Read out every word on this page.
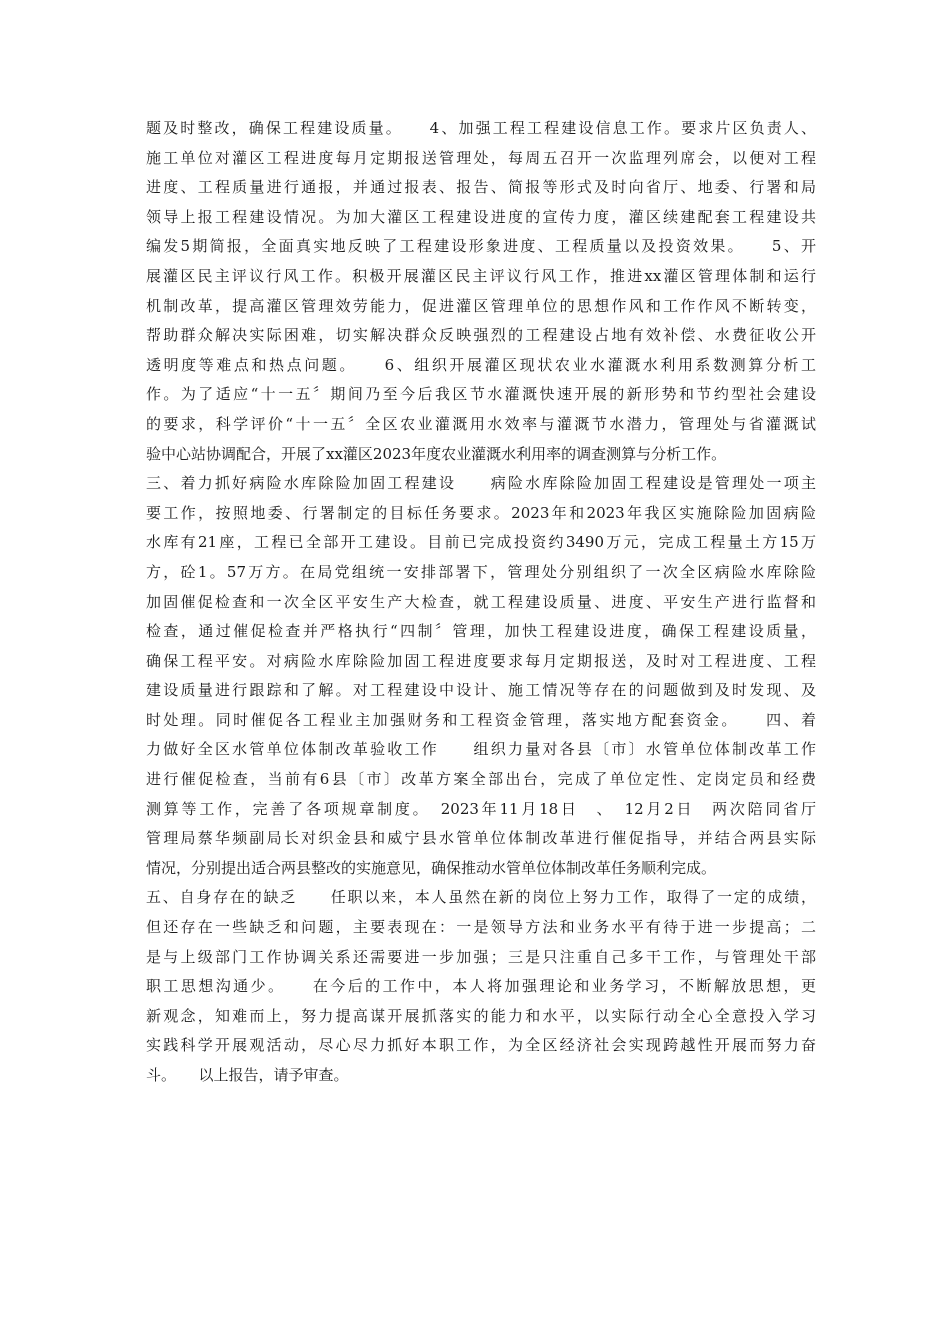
题及时整改，确保工程建设质量。　　4、加强工程工程建设信息工作。要求片区负责人、
施工单位对灌区工程进度每月定期报送管理处，每周五召开一次监理列席会，以便对工程
进度、工程质量进行通报，并通过报表、报告、简报等形式及时向省厅、地委、行署和局
领导上报工程建设情况。为加大灌区工程建设进度的宣传力度，灌区续建配套工程建设共
编发5期简报，全面真实地反映了工程建设形象进度、工程质量以及投资效果。　　5、开
展灌区民主评议行风工作。积极开展灌区民主评议行风工作，推进xx灌区管理体制和运行
机制改革，提高灌区管理效劳能力，促进灌区管理单位的思想作风和工作作风不断转变，
帮助群众解决实际困难，切实解决群众反映强烈的工程建设占地有效补偿、水费征收公开
透明度等难点和热点问题。　　6、组织开展灌区现状农业水灌溉水利用系数测算分析工
作。为了适应“十一五〞期间乃至今后我区节水灌溉快速开展的新形势和节约型社会建设
的要求，科学评价“十一五〞全区农业灌溉用水效率与灌溉节水潜力，管理处与省灌溉试
验中心站协调配合，开展了xx灌区2023年度农业灌溉水利用率的调查测算与分析工作。
三、着力抓好病险水库除险加固工程建设　　病险水库除险加固工程建设是管理处一项主
要工作，按照地委、行署制定的目标任务要求。2023年和2023年我区实施除险加固病险
水库有21座，工程已全部开工建设。目前已完成投资约3490万元，完成工程量土方15万
方，砼1。57万方。在局党组统一安排部署下，管理处分别组织了一次全区病险水库除险
加固催促检查和一次全区平安生产大检查，就工程建设质量、进度、平安生产进行监督和
检查，通过催促检查并严格执行“四制〞管理，加快工程建设进度，确保工程建设质量，
确保工程平安。对病险水库除险加固工程进度要求每月定期报送，及时对工程进度、工程
建设质量进行跟踪和了解。对工程建设中设计、施工情况等存在的问题做到及时发现、及
时处理。同时催促各工程业主加强财务和工程资金管理，落实地方配套资金。　　四、着
力做好全区水管单位体制改革验收工作　　组织力量对各县〔市〕水管单位体制改革工作
进行催促检查，当前有6县〔市〕改革方案全部出台，完成了单位定性、定岗定员和经费
测算等工作，完善了各项规章制度。　2023年11月18日　、　12月2日　两次陪同省厅
管理局蔡华频副局长对织金县和威宁县水管单位体制改革进行催促指导，并结合两县实际
情况，分别提出适合两县整改的实施意见，确保推动水管单位体制改革任务顺利完成。
五、自身存在的缺乏　　任职以来，本人虽然在新的岗位上努力工作，取得了一定的成绩，
但还存在一些缺乏和问题，主要表现在：一是领导方法和业务水平有待于进一步提高；二
是与上级部门工作协调关系还需要进一步加强；三是只注重自己多干工作，与管理处干部
职工思想沟通少。　　在今后的工作中，本人将加强理论和业务学习，不断解放思想，更
新观念，知难而上，努力提高谋开展抓落实的能力和水平，以实际行动全心全意投入学习
实践科学开展观活动，尽心尽力抓好本职工作，为全区经济社会实现跨越性开展而努力奋
斗。　　以上报告，请予审查。
